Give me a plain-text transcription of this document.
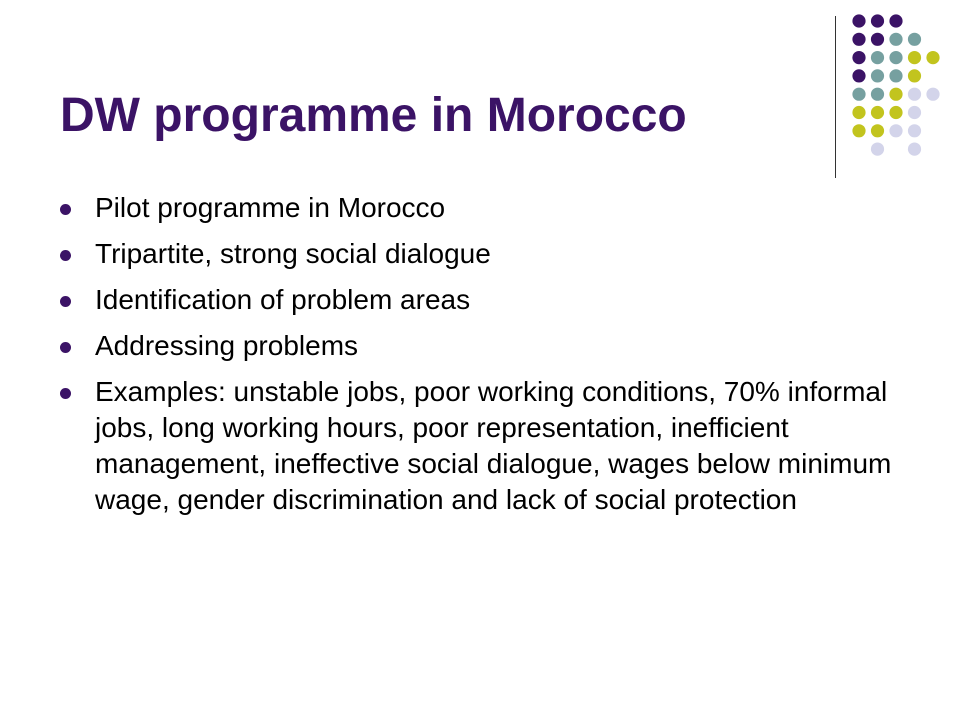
DW programme in Morocco
Pilot programme in Morocco
Tripartite, strong social dialogue
Identification of problem areas
Addressing problems
Examples: unstable jobs, poor working conditions, 70% informal jobs, long working hours, poor representation, inefficient management, ineffective social dialogue, wages below minimum wage, gender discrimination and lack of social protection
